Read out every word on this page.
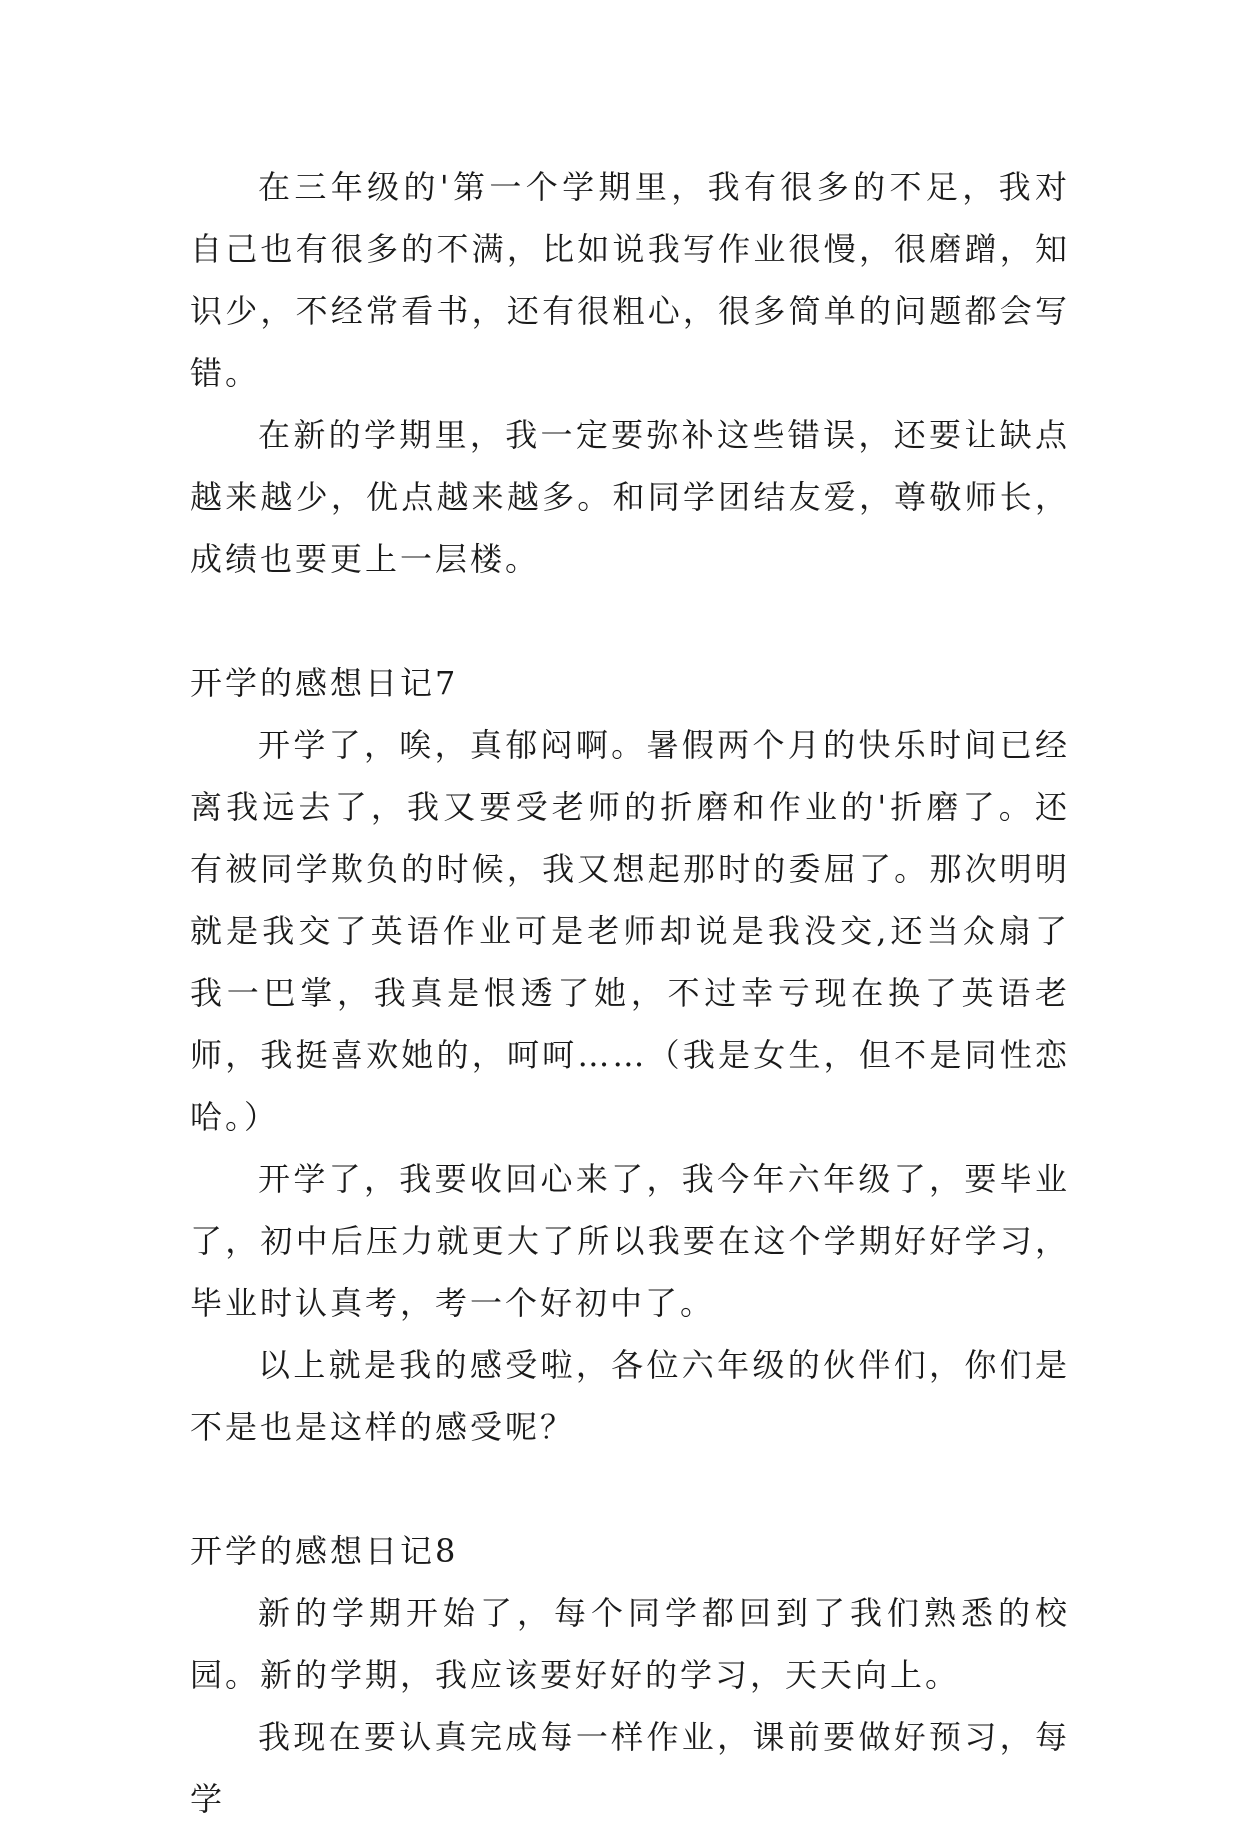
在三年级的'第一个学期里，我有很多的不足，我对自己也有很多的不满，比如说我写作业很慢，很磨蹭，知识少，不经常看书，还有很粗心，很多简单的问题都会写错。

在新的学期里，我一定要弥补这些错误，还要让缺点越来越少，优点越来越多。和同学团结友爱，尊敬师长，成绩也要更上一层楼。

开学的感想日记7

开学了，唉，真郁闷啊。暑假两个月的快乐时间已经离我远去了，我又要受老师的折磨和作业的'折磨了。还有被同学欺负的时候，我又想起那时的委屈了。那次明明就是我交了英语作业可是老师却说是我没交,还当众扇了我一巴掌，我真是恨透了她，不过幸亏现在换了英语老师，我挺喜欢她的，呵呵……（我是女生，但不是同性恋哈。）

开学了，我要收回心来了，我今年六年级了，要毕业了，初中后压力就更大了所以我要在这个学期好好学习，毕业时认真考，考一个好初中了。

以上就是我的感受啦，各位六年级的伙伴们，你们是不是也是这样的感受呢？

开学的感想日记8

新的学期开始了，每个同学都回到了我们熟悉的校园。新的学期，我应该要好好的学习，天天向上。

我现在要认真完成每一样作业，课前要做好预习，每学
